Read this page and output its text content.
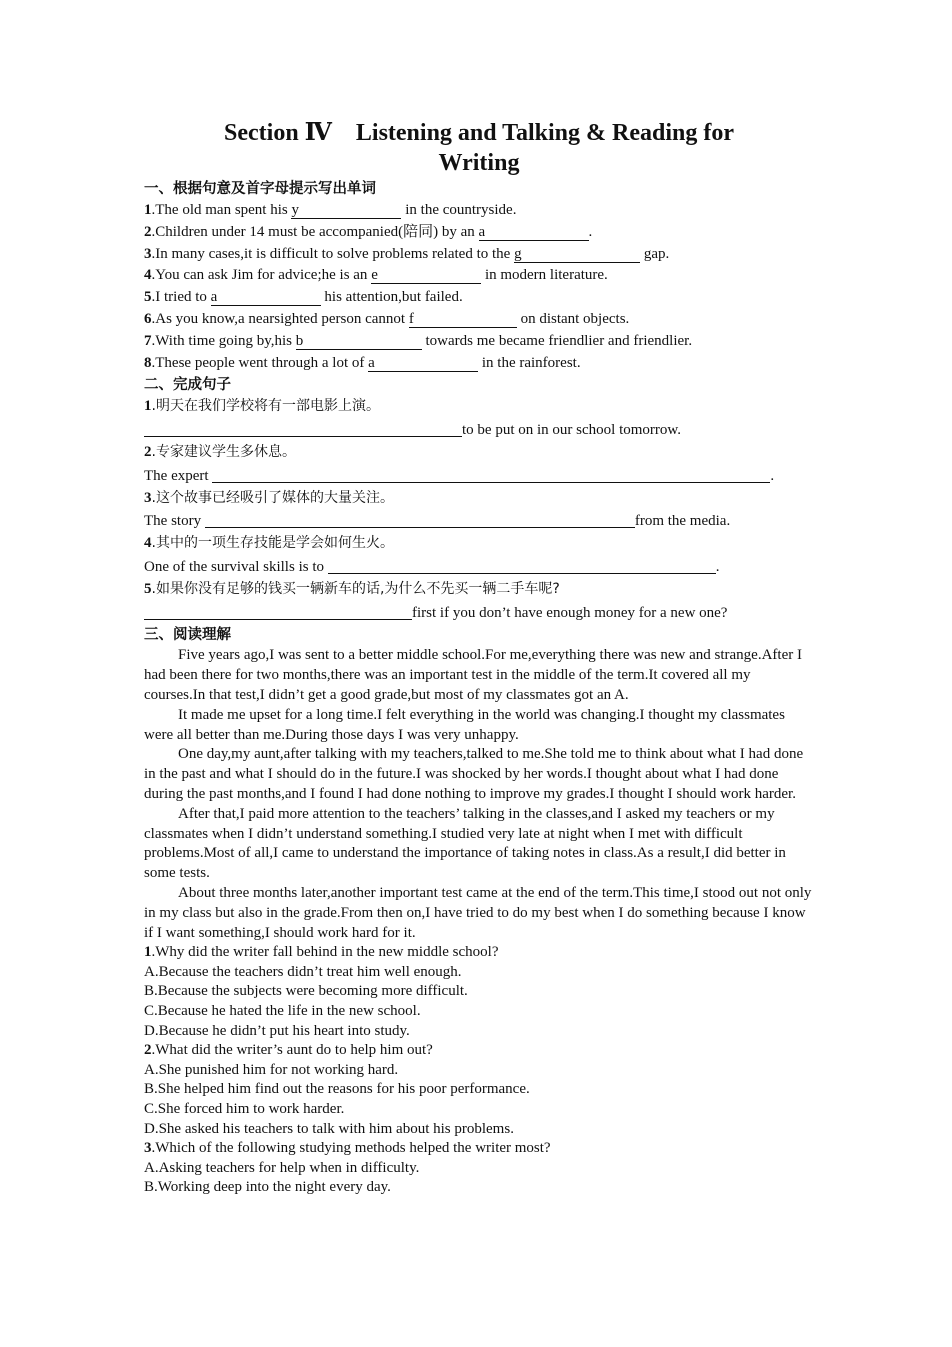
Section Ⅳ　Listening and Talking & Reading for
Writing
一、根据句意及首字母提示写出单词
1.The old man spent his y	in the countryside.
2.Children under 14 must be accompanied(陪同) by an a	.
3.In many cases,it is difficult to solve problems related to the g	gap.
4.You can ask Jim for advice;he is an e	in modern literature.
5.I tried to a	his attention,but failed.
6.As you know,a nearsighted person cannot f	on distant objects.
7.With time going by,his b	towards me became friendlier and friendlier.
8.These people went through a lot of a	in the rainforest.
二、完成句子
1.明天在我们学校将有一部电影上演。
to be put on in our school tomorrow.
2.专家建议学生多休息。
The expert	.
3.这个故事已经吸引了媒体的大量关注。
The story	from the media.
4.其中的一项生存技能是学会如何生火。
One of the survival skills is to	.
5.如果你没有足够的钱买一辆新车的话,为什么不先买一辆二手车呢?
first if you don’t have enough money for a new one?
三、阅读理解

Five years ago,I was sent to a better middle school.For me,everything there was new and strange.After I had been there for two months,there was an important test in the middle of the term.It covered all my courses.In that test,I didn’t get a good grade,but most of my classmates got an A.

It made me upset for a long time.I felt everything in the world was changing.I thought my classmates were all better than me.During those days I was very unhappy.

One day,my aunt,after talking with my teachers,talked to me.She told me to think about what I had done in the past and what I should do in the future.I was shocked by her words.I thought about what I had done during the past months,and I found I had done nothing to improve my grades.I thought I should work harder.

After that,I paid more attention to the teachers’ talking in the classes,and I asked my teachers or my classmates when I didn’t understand something.I studied very late at night when I met with difficult problems.Most of all,I came to understand the importance of taking notes in class.As a result,I did better in some tests.

About three months later,another important test came at the end of the term.This time,I stood out not only in my class but also in the grade.From then on,I have tried to do my best when I do something because I know if I want something,I should work hard for it.

1.Why did the writer fall behind in the new middle school?
A.Because the teachers didn’t treat him well enough.
B.Because the subjects were becoming more difficult.
C.Because he hated the life in the new school.
D.Because he didn’t put his heart into study.
2.What did the writer’s aunt do to help him out?
A.She punished him for not working hard.
B.She helped him find out the reasons for his poor performance.
C.She forced him to work harder.
D.She asked his teachers to talk with him about his problems.
3.Which of the following studying methods helped the writer most?
A.Asking teachers for help when in difficulty.
B.Working deep into the night every day.
